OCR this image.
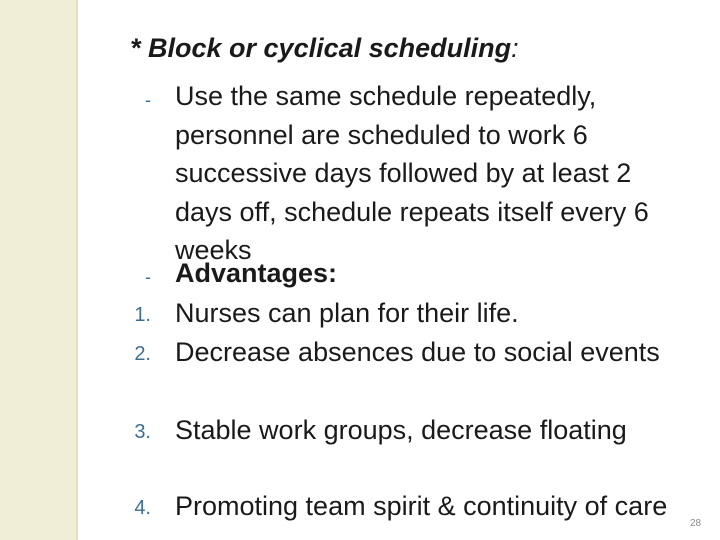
* Block or cyclical scheduling:
- Use the same schedule repeatedly, personnel are scheduled to work 6 successive days followed by at least 2 days off, schedule repeats itself every 6 weeks
- Advantages:
1. Nurses can plan for their life.
2. Decrease absences due to social events
3. Stable work groups, decrease floating
4. Promoting team spirit & continuity of care
28
